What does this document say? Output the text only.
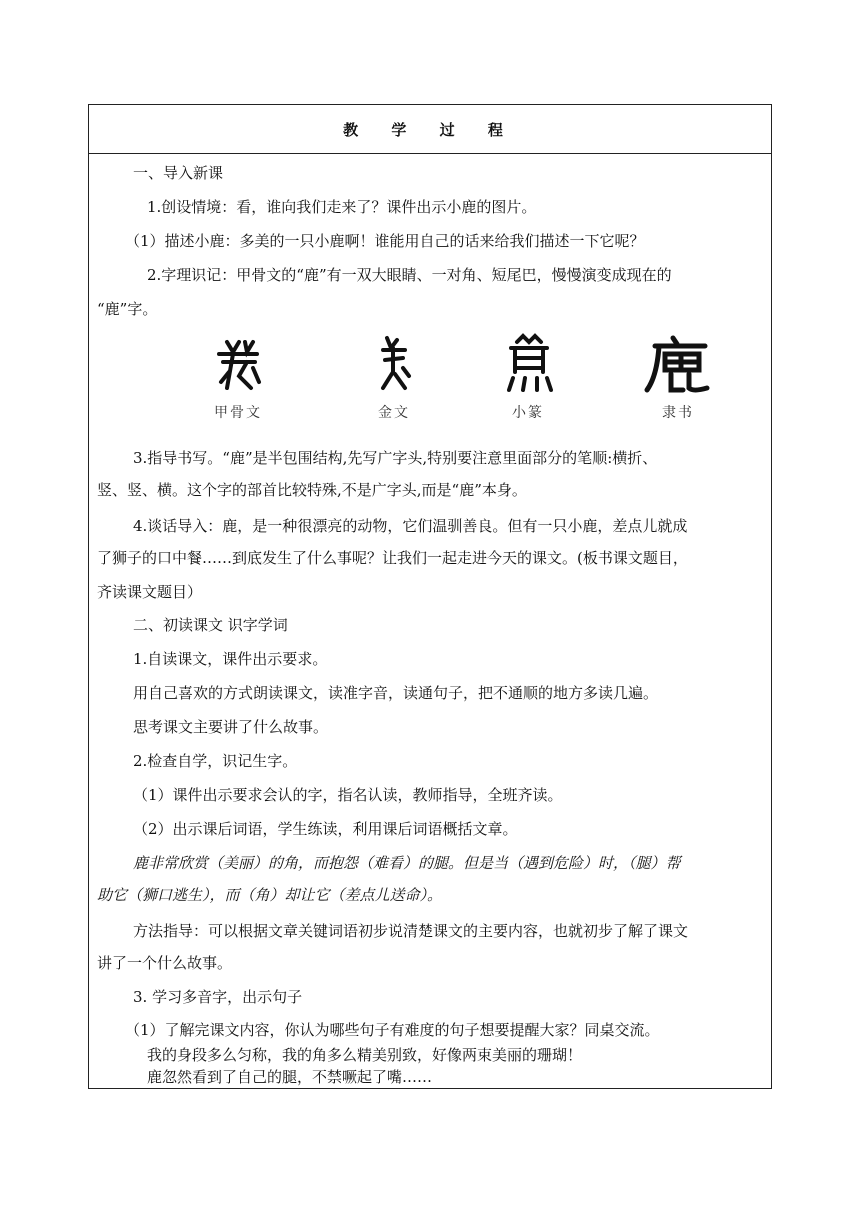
教 学 过 程
一、导入新课
1.创设情境：看，谁向我们走来了？课件出示小鹿的图片。
（1）描述小鹿：多美的一只小鹿啊！谁能用自己的话来给我们描述一下它呢？
2.字理识记：甲骨文的“鹿”有一双大眼睛、一对角、短尾巴，慢慢演变成现在的
“鹿”字。
甲骨文	金文	小篆	隶书
3.指导书写。“鹿”是半包围结构,先写广字头,特别要注意里面部分的笔顺:横折、
竖、竖、横。这个字的部首比较特殊,不是广字头,而是“鹿”本身。
4.谈话导入：鹿，是一种很漂亮的动物，它们温驯善良。但有一只小鹿，差点儿就成
了狮子的口中餐……到底发生了什么事呢？让我们一起走进今天的课文。(板书课文题目，
齐读课文题目）
二、初读课文 识字学词
1.自读课文，课件出示要求。
用自己喜欢的方式朗读课文，读准字音，读通句子，把不通顺的地方多读几遍。
思考课文主要讲了什么故事。
2.检查自学，识记生字。
（1）课件出示要求会认的字，指名认读，教师指导，全班齐读。
（2）出示课后词语，学生练读，利用课后词语概括文章。
鹿非常欣赏（美丽）的角，而抱怨（难看）的腿。但是当（遇到危险）时，（腿）帮
助它（狮口逃生），而（角）却让它（差点儿送命）。
方法指导：可以根据文章关键词语初步说清楚课文的主要内容，也就初步了解了课文
讲了一个什么故事。
3. 学习多音字，出示句子
（1）了解完课文内容，你认为哪些句子有难度的句子想要提醒大家？同桌交流。
我的身段多么匀称，我的角多么精美别致，好像两束美丽的珊瑚！
鹿忽然看到了自己的腿，不禁噘起了嘴……
